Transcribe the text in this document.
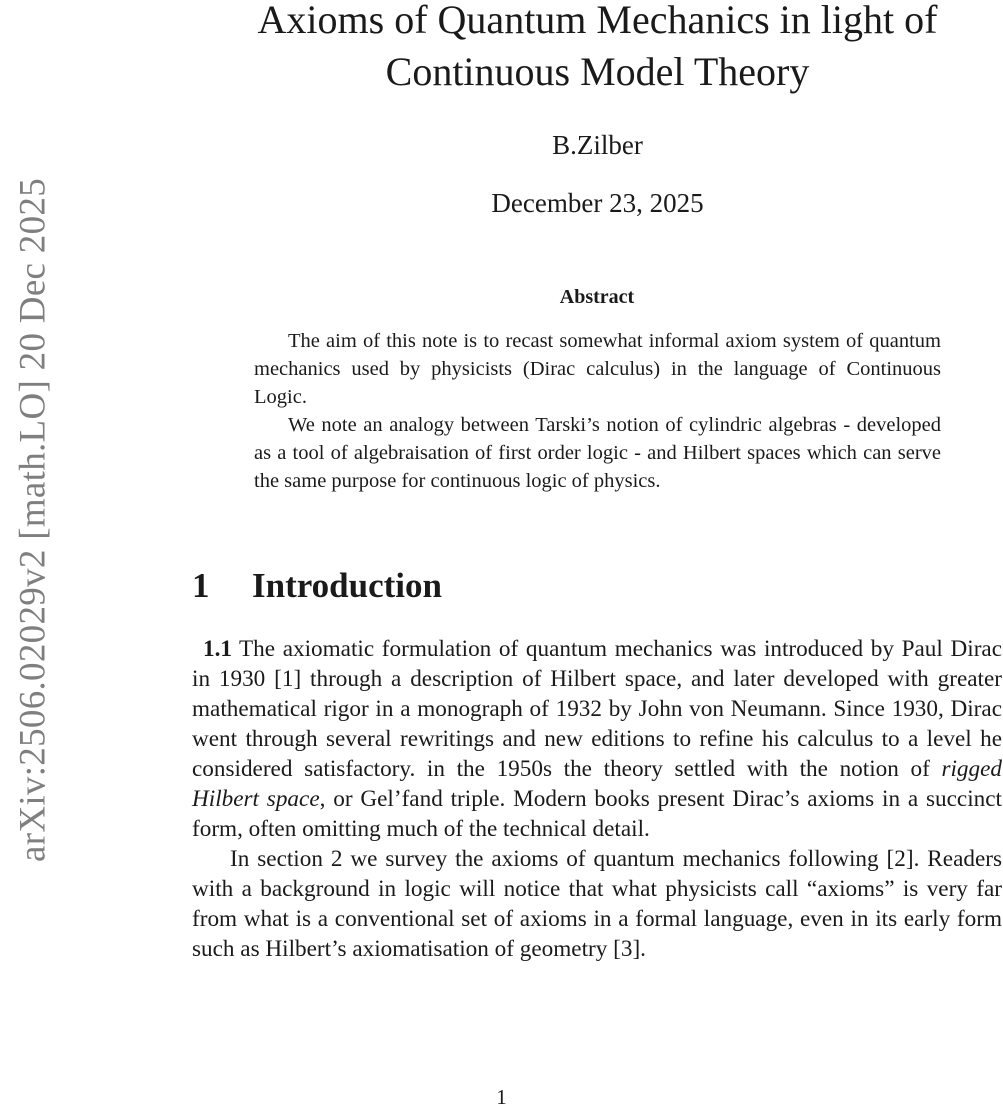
arXiv:2506.02029v2 [math.LO] 20 Dec 2025
Axioms of Quantum Mechanics in light of Continuous Model Theory
B.Zilber
December 23, 2025
Abstract

The aim of this note is to recast somewhat informal axiom system of quantum mechanics used by physicists (Dirac calculus) in the language of Continuous Logic.

We note an analogy between Tarski’s notion of cylindric algebras - developed as a tool of algebraisation of first order logic - and Hilbert spaces which can serve the same purpose for continuous logic of physics.

1 Introduction

1.1 The axiomatic formulation of quantum mechanics was introduced by Paul Dirac in 1930 [1] through a description of Hilbert space, and later developed with greater mathematical rigor in a monograph of 1932 by John von Neumann. Since 1930, Dirac went through several rewritings and new editions to refine his calculus to a level he considered satisfactory. in the 1950s the theory settled with the notion of rigged Hilbert space, or Gel’fand triple. Modern books present Dirac’s axioms in a succinct form, often omitting much of the technical detail.

In section 2 we survey the axioms of quantum mechanics following [2]. Readers with a background in logic will notice that what physicists call “axioms” is very far from what is a conventional set of axioms in a formal language, even in its early form such as Hilbert’s axiomatisation of geometry [3].

1
